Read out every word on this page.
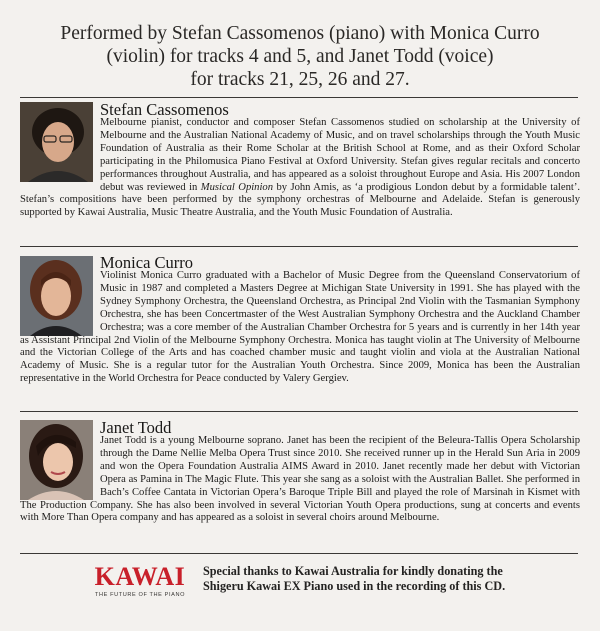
Performed by Stefan Cassomenos (piano) with Monica Curro
(violin) for tracks 4 and 5, and Janet Todd (voice)
for tracks 21, 25, 26 and 27.
Stefan Cassomenos

Melbourne pianist, conductor and composer Stefan Cassomenos studied on scholarship at the University of Melbourne and the Australian National Academy of Music, and on travel scholarships through the Youth Music Foundation of Australia as their Rome Scholar at the British School at Rome, and as their Oxford Scholar participating in the Philomusica Piano Festival at Oxford University. Stefan gives regular recitals and concerto performances throughout Australia, and has appeared as a soloist throughout Europe and Asia. His 2007 London debut was reviewed in Musical Opinion by John Amis, as ‘a prodigious London debut by a formidable talent’. Stefan’s compositions have been performed by the symphony orchestras of Melbourne and Adelaide. Stefan is generously supported by Kawai Australia, Music Theatre Australia, and the Youth Music Foundation of Australia.

Monica Curro

Violinist Monica Curro graduated with a Bachelor of Music Degree from the Queensland Conservatorium of Music in 1987 and completed a Masters Degree at Michigan State University in 1991. She has played with the Sydney Symphony Orchestra, the Queensland Orchestra, as Principal 2nd Violin with the Tasmanian Symphony Orchestra, she has been Concertmaster of the West Australian Symphony Orchestra and the Auckland Chamber Orchestra; was a core member of the Australian Chamber Orchestra for 5 years and is currently in her 14th year as Assistant Principal 2nd Violin of the Melbourne Symphony Orchestra. Monica has taught violin at The University of Melbourne and the Victorian College of the Arts and has coached chamber music and taught violin and viola at the Australian National Academy of Music. She is a regular tutor for the Australian Youth Orchestra. Since 2009, Monica has been the Australian representative in the World Orchestra for Peace conducted by Valery Gergiev.

Janet Todd

Janet Todd is a young Melbourne soprano. Janet has been the recipient of the Beleura-Tallis Opera Scholarship through the Dame Nellie Melba Opera Trust since 2010. She received runner up in the Herald Sun Aria in 2009 and won the Opera Foundation Australia AIMS Award in 2010. Janet recently made her debut with Victorian Opera as Pamina in The Magic Flute. This year she sang as a soloist with the Australian Ballet. She performed in Bach’s Coffee Cantata in Victorian Opera’s Baroque Triple Bill and played the role of Marsinah in Kismet with The Production Company. She has also been involved in several Victorian Youth Opera productions, sung at concerts and events with More Than Opera company and has appeared as a soloist in several choirs around Melbourne.

KAWAI
THE FUTURE OF THE PIANO
Special thanks to Kawai Australia for kindly donating the
Shigeru Kawai EX Piano used in the recording of this CD.
